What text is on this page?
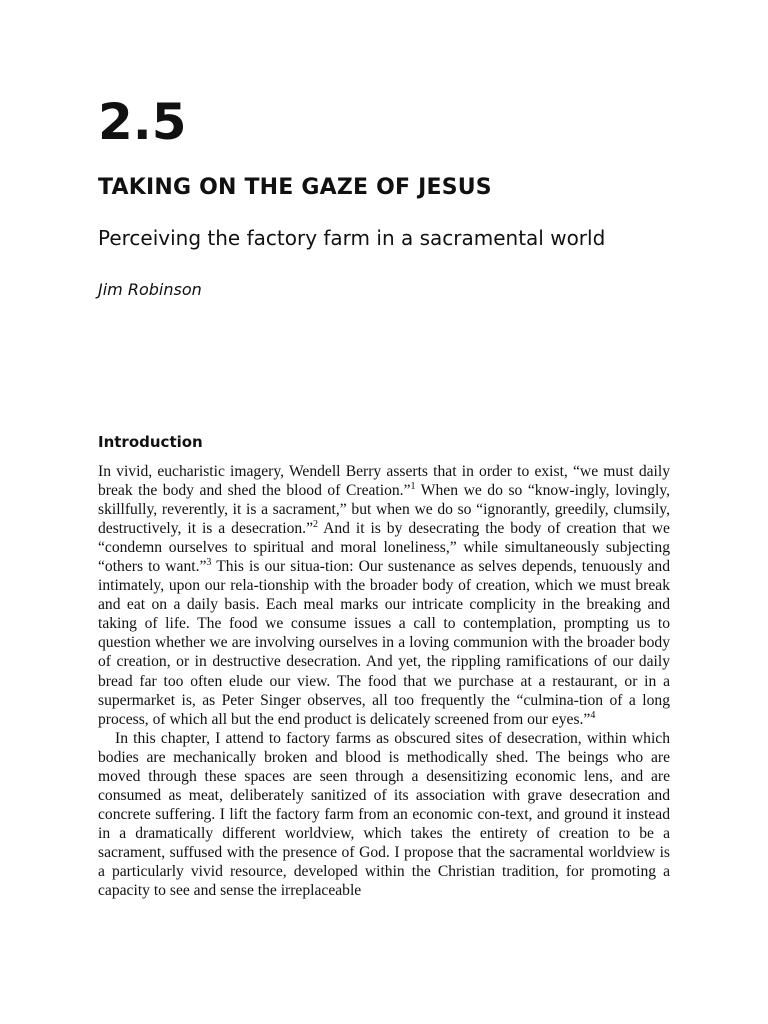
2.5
TAKING ON THE GAZE OF JESUS
Perceiving the factory farm in a sacramental world

Jim Robinson

Introduction

In vivid, eucharistic imagery, Wendell Berry asserts that in order to exist, “we must daily break the body and shed the blood of Creation.”$^1$ When we do so “know-ingly, lovingly, skillfully, reverently, it is a sacrament,” but when we do so “ignorantly, greedily, clumsily, destructively, it is a desecration.”$^2$ And it is by desecrating the body of creation that we “condemn ourselves to spiritual and moral loneliness,” while simultaneously subjecting “others to want.”$^3$ This is our situa-tion: Our sustenance as selves depends, tenuously and intimately, upon our rela-tionship with the broader body of creation, which we must break and eat on a daily basis. Each meal marks our intricate complicity in the breaking and taking of life. The food we consume issues a call to contemplation, prompting us to question whether we are involving ourselves in a loving communion with the broader body of creation, or in destructive desecration. And yet, the rippling ramifications of our daily bread far too often elude our view. The food that we purchase at a restaurant, or in a supermarket is, as Peter Singer observes, all too frequently the “culmina-tion of a long process, of which all but the end product is delicately screened from our eyes.”$^4$

In this chapter, I attend to factory farms as obscured sites of desecration, within which bodies are mechanically broken and blood is methodically shed. The beings who are moved through these spaces are seen through a desensitizing economic lens, and are consumed as meat, deliberately sanitized of its association with grave desecration and concrete suffering. I lift the factory farm from an economic con-text, and ground it instead in a dramatically different worldview, which takes the entirety of creation to be a sacrament, suffused with the presence of God. I propose that the sacramental worldview is a particularly vivid resource, developed within the Christian tradition, for promoting a capacity to see and sense the irreplaceable
